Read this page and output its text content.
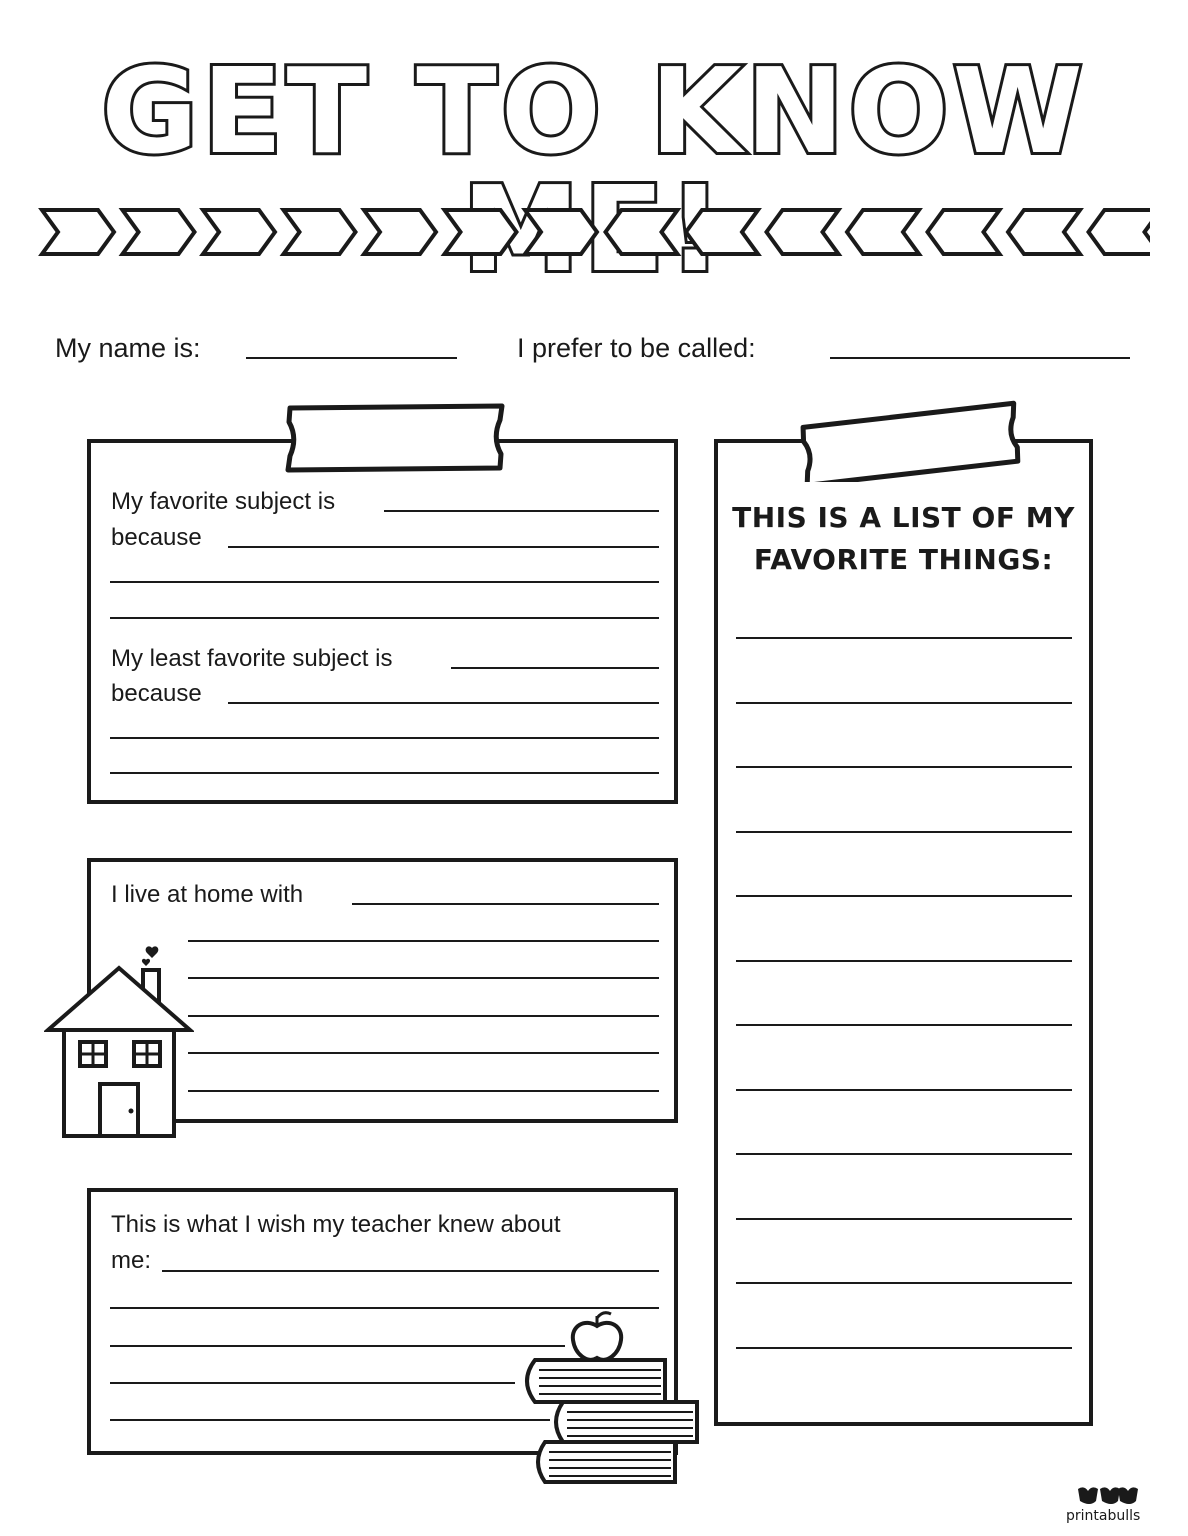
GET TO KNOW
My name is:	I prefer to be called:
My favorite subject is
because
My least favorite subject is
because
I live at home with
This is what I wish my teacher knew about
me:
THIS IS A LIST OF MY
FAVORITE THINGS:
printabulls
